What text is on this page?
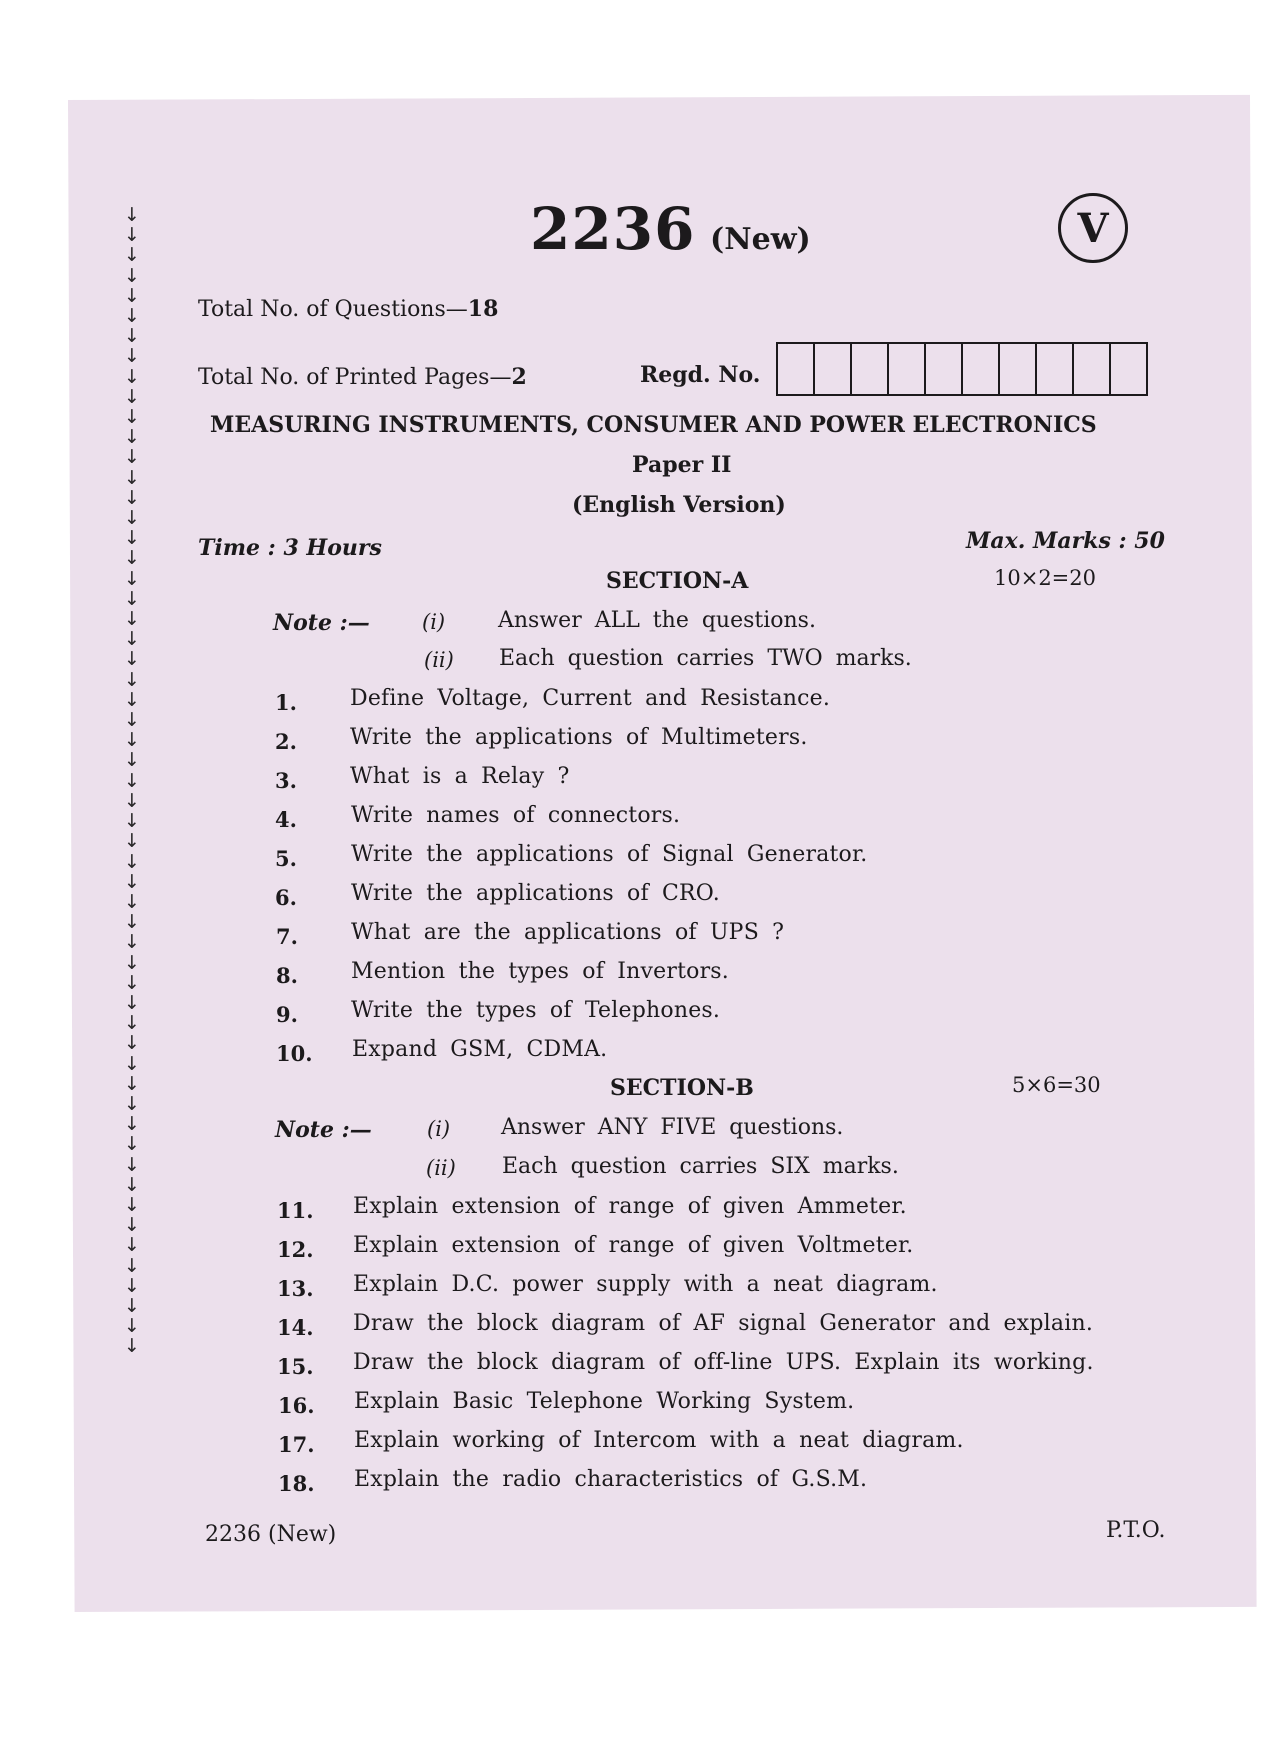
↓
↓
↓
↓
↓
↓
↓
↓
↓
↓
↓
↓
↓
↓
↓
↓
↓
↓
↓
↓
↓
↓
↓
↓
↓
↓
↓
↓
↓
↓
↓
↓
↓
↓
↓
↓
↓
↓
↓
↓
↓
↓
↓
↓
↓
↓
↓
↓
↓
↓
↓
↓
↓
↓
↓
↓
↓
2236 (New)	V
Total No. of Questions—18
Total No. of Printed Pages—2	Regd. No.
MEASURING INSTRUMENTS, CONSUMER AND POWER ELECTRONICS
Paper II
(English Version)
Time : 3 Hours	Max. Marks : 50
SECTION-A	10×2=20
Note :— (i) Answer ALL the questions.
(ii) Each question carries TWO marks.
1. Define Voltage, Current and Resistance.
2. Write the applications of Multimeters.
3. What is a Relay ?
4. Write names of connectors.
5. Write the applications of Signal Generator.
6. Write the applications of CRO.
7. What are the applications of UPS ?
8. Mention the types of Invertors.
9. Write the types of Telephones.
10. Expand GSM, CDMA.
SECTION-B	5×6=30
Note :—	(i) Answer ANY FIVE questions.
(ii) Each question carries SIX marks.
11. Explain extension of range of given Ammeter.
12. Explain extension of range of given Voltmeter.
13. Explain D.C. power supply with a neat diagram.
14. Draw the block diagram of AF signal Generator and explain.
15. Draw the block diagram of off-line UPS. Explain its working.
16. Explain Basic Telephone Working System.
17. Explain working of Intercom with a neat diagram.
18. Explain the radio characteristics of G.S.M.
2236 (New)	P.T.O.
